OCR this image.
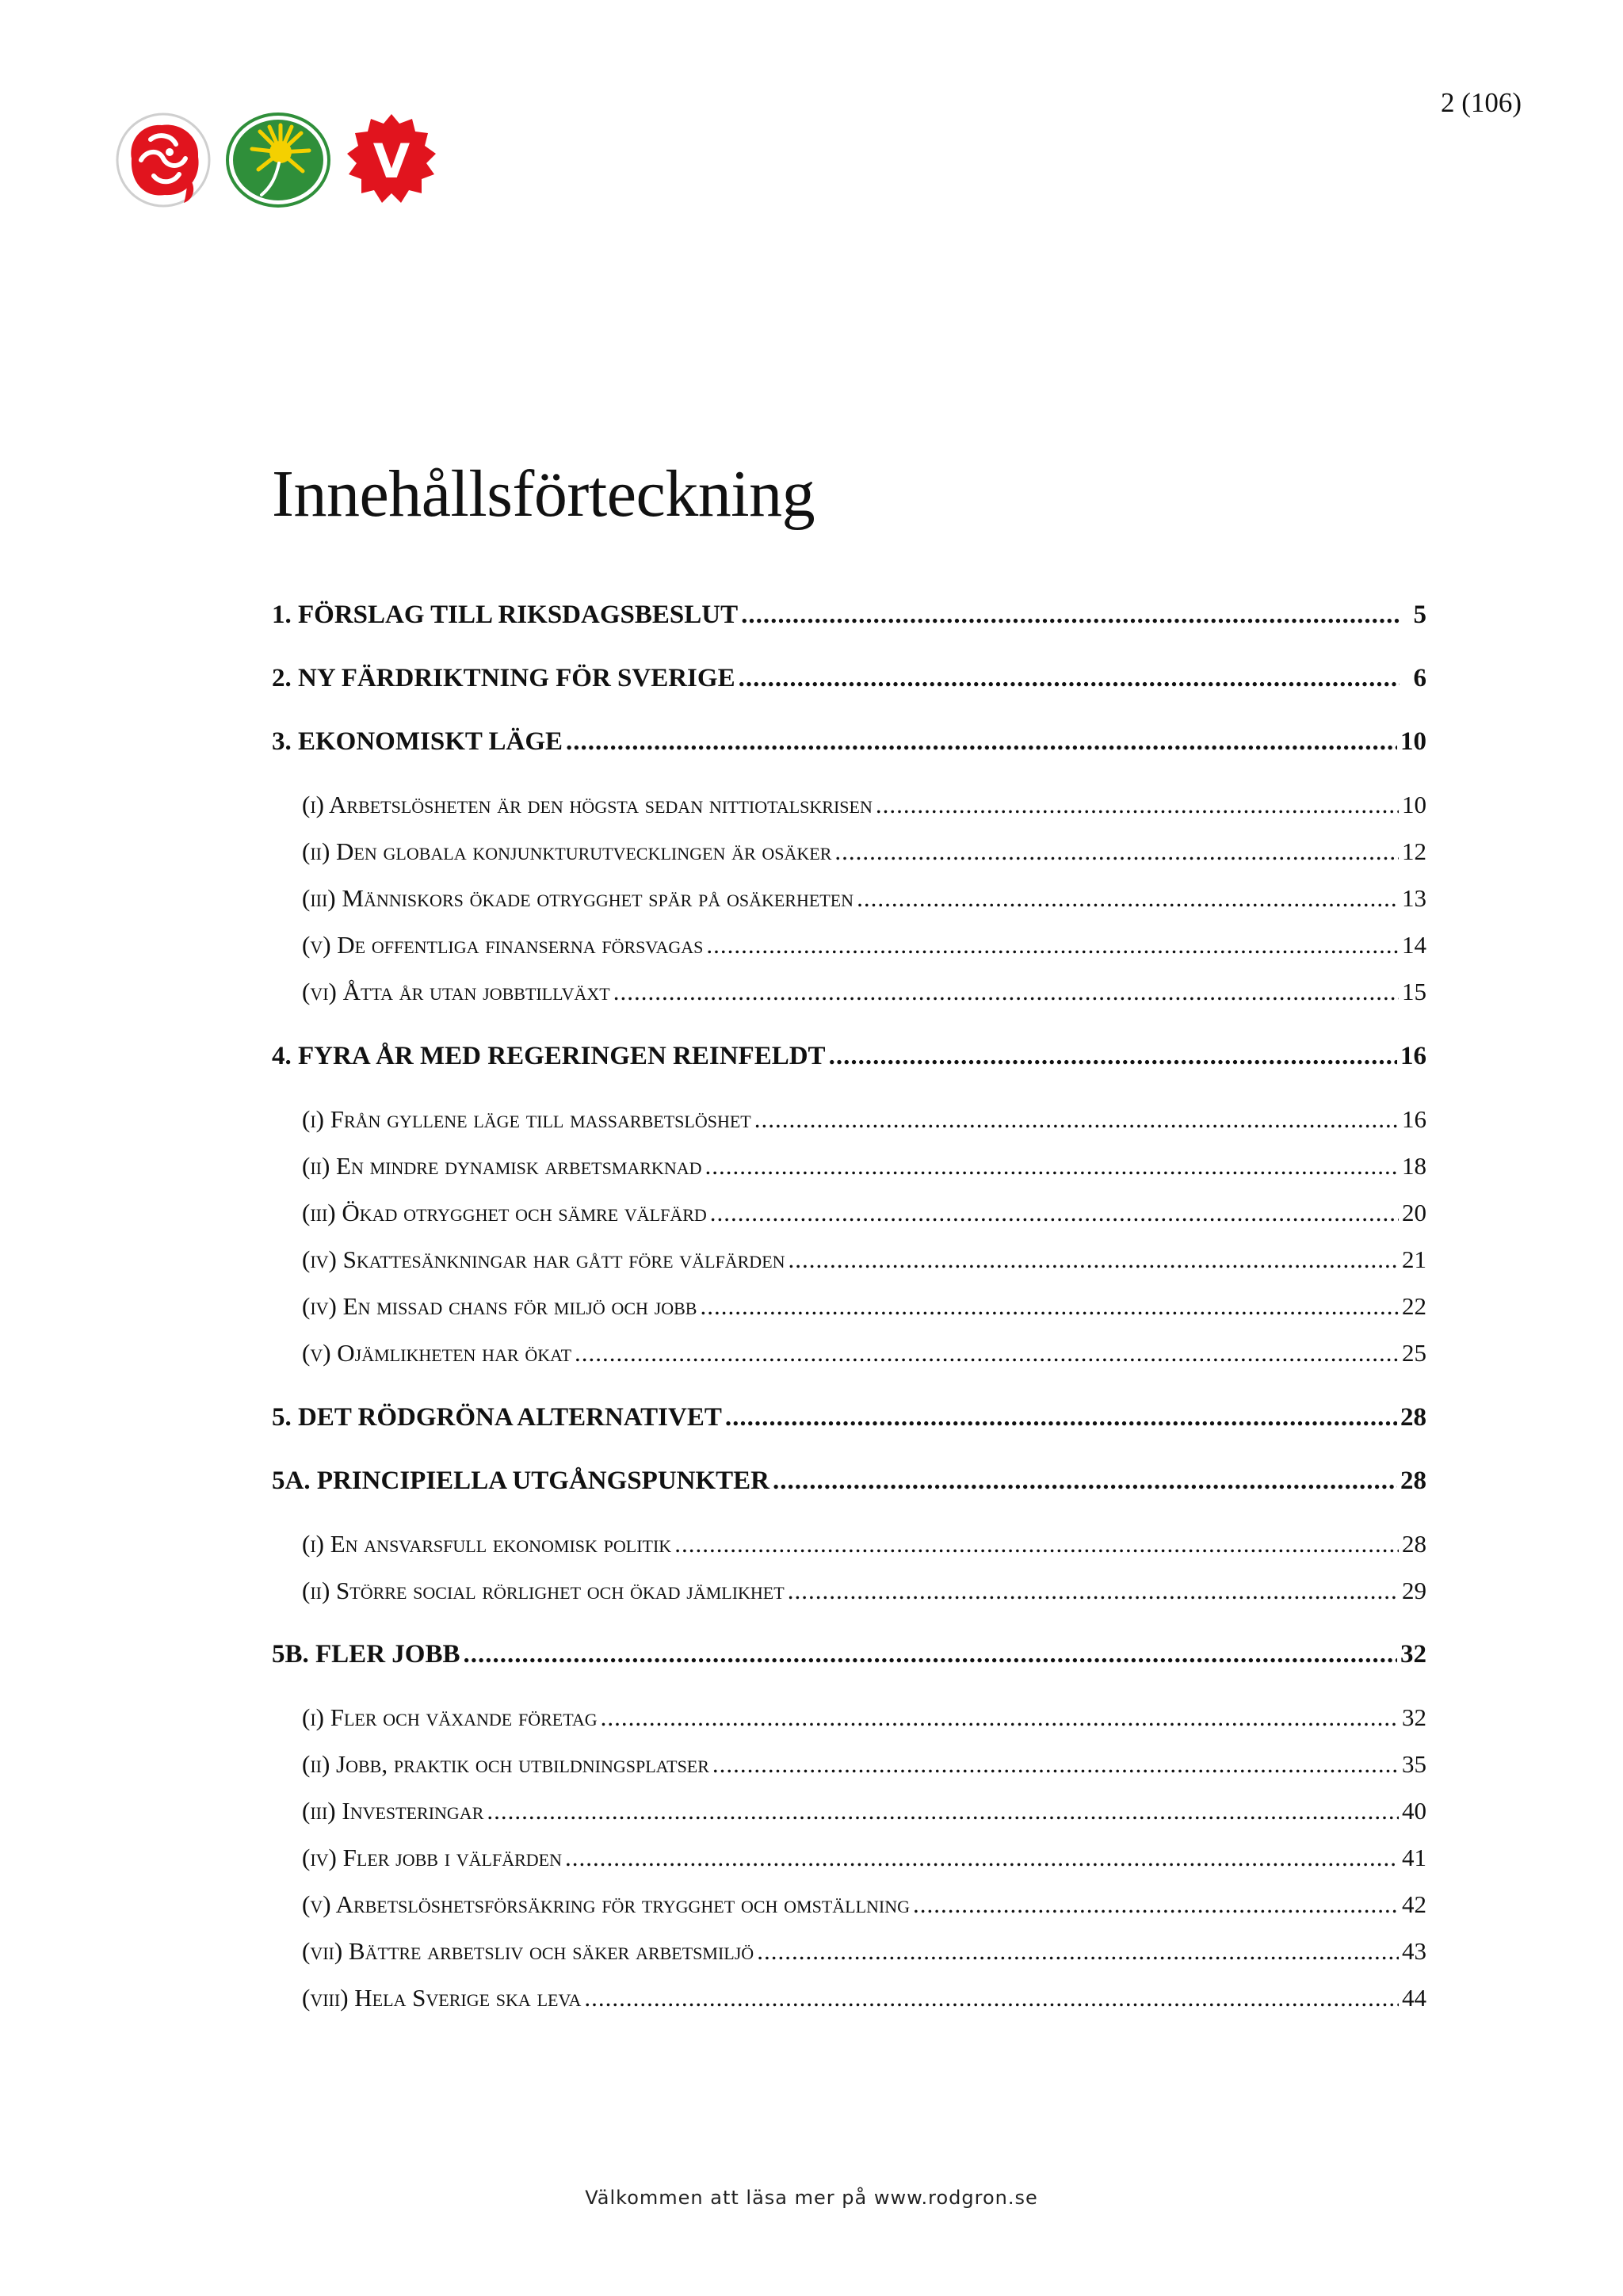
2 (106)
V
Innehållsförteckning
1. FÖRSLAG TILL RIKSDAGSBESLUT .....	5
2. NY FÄRDRIKTNING FÖR SVERIGE .....	6
3. EKONOMISKT LÄGE .....	10
(i) Arbetslösheten är den högsta sedan nittiotalskrisen .....	10
(ii) Den globala konjunkturutvecklingen är osäker .....	12
(iii) Människors ökade otrygghet spär på osäkerheten .....	13
(v) De offentliga finanserna försvagas .....	14
(vi) Åtta år utan jobbtillväxt .....	15
4. FYRA ÅR MED REGERINGEN REINFELDT .....	16
(i) Från gyllene läge till massarbetslöshet .....	16
(ii) En mindre dynamisk arbetsmarknad .....	18
(iii) Ökad otrygghet och sämre välfärd .....	20
(iv) Skattesänkningar har gått före välfärden .....	21
(iv) En missad chans för miljö och jobb .....	22
(v) Ojämlikheten har ökat .....	25
5. DET RÖDGRÖNA ALTERNATIVET .....	28
5A. PRINCIPIELLA UTGÅNGSPUNKTER .....	28
(i) En ansvarsfull ekonomisk politik .....	28
(ii) Större social rörlighet och ökad jämlikhet .....	29
5B. FLER JOBB .....	32
(i) Fler och växande företag .....	32
(ii) Jobb, praktik och utbildningsplatser .....	35
(iii) Investeringar .....	40
(iv) Fler jobb i välfärden .....	41
(v) Arbetslöshetsförsäkring för trygghet och omställning .....	42
(vii) Bättre arbetsliv och säker arbetsmiljö .....	43
(viii) Hela Sverige ska leva .....	44
Välkommen att läsa mer på www.rodgron.se
